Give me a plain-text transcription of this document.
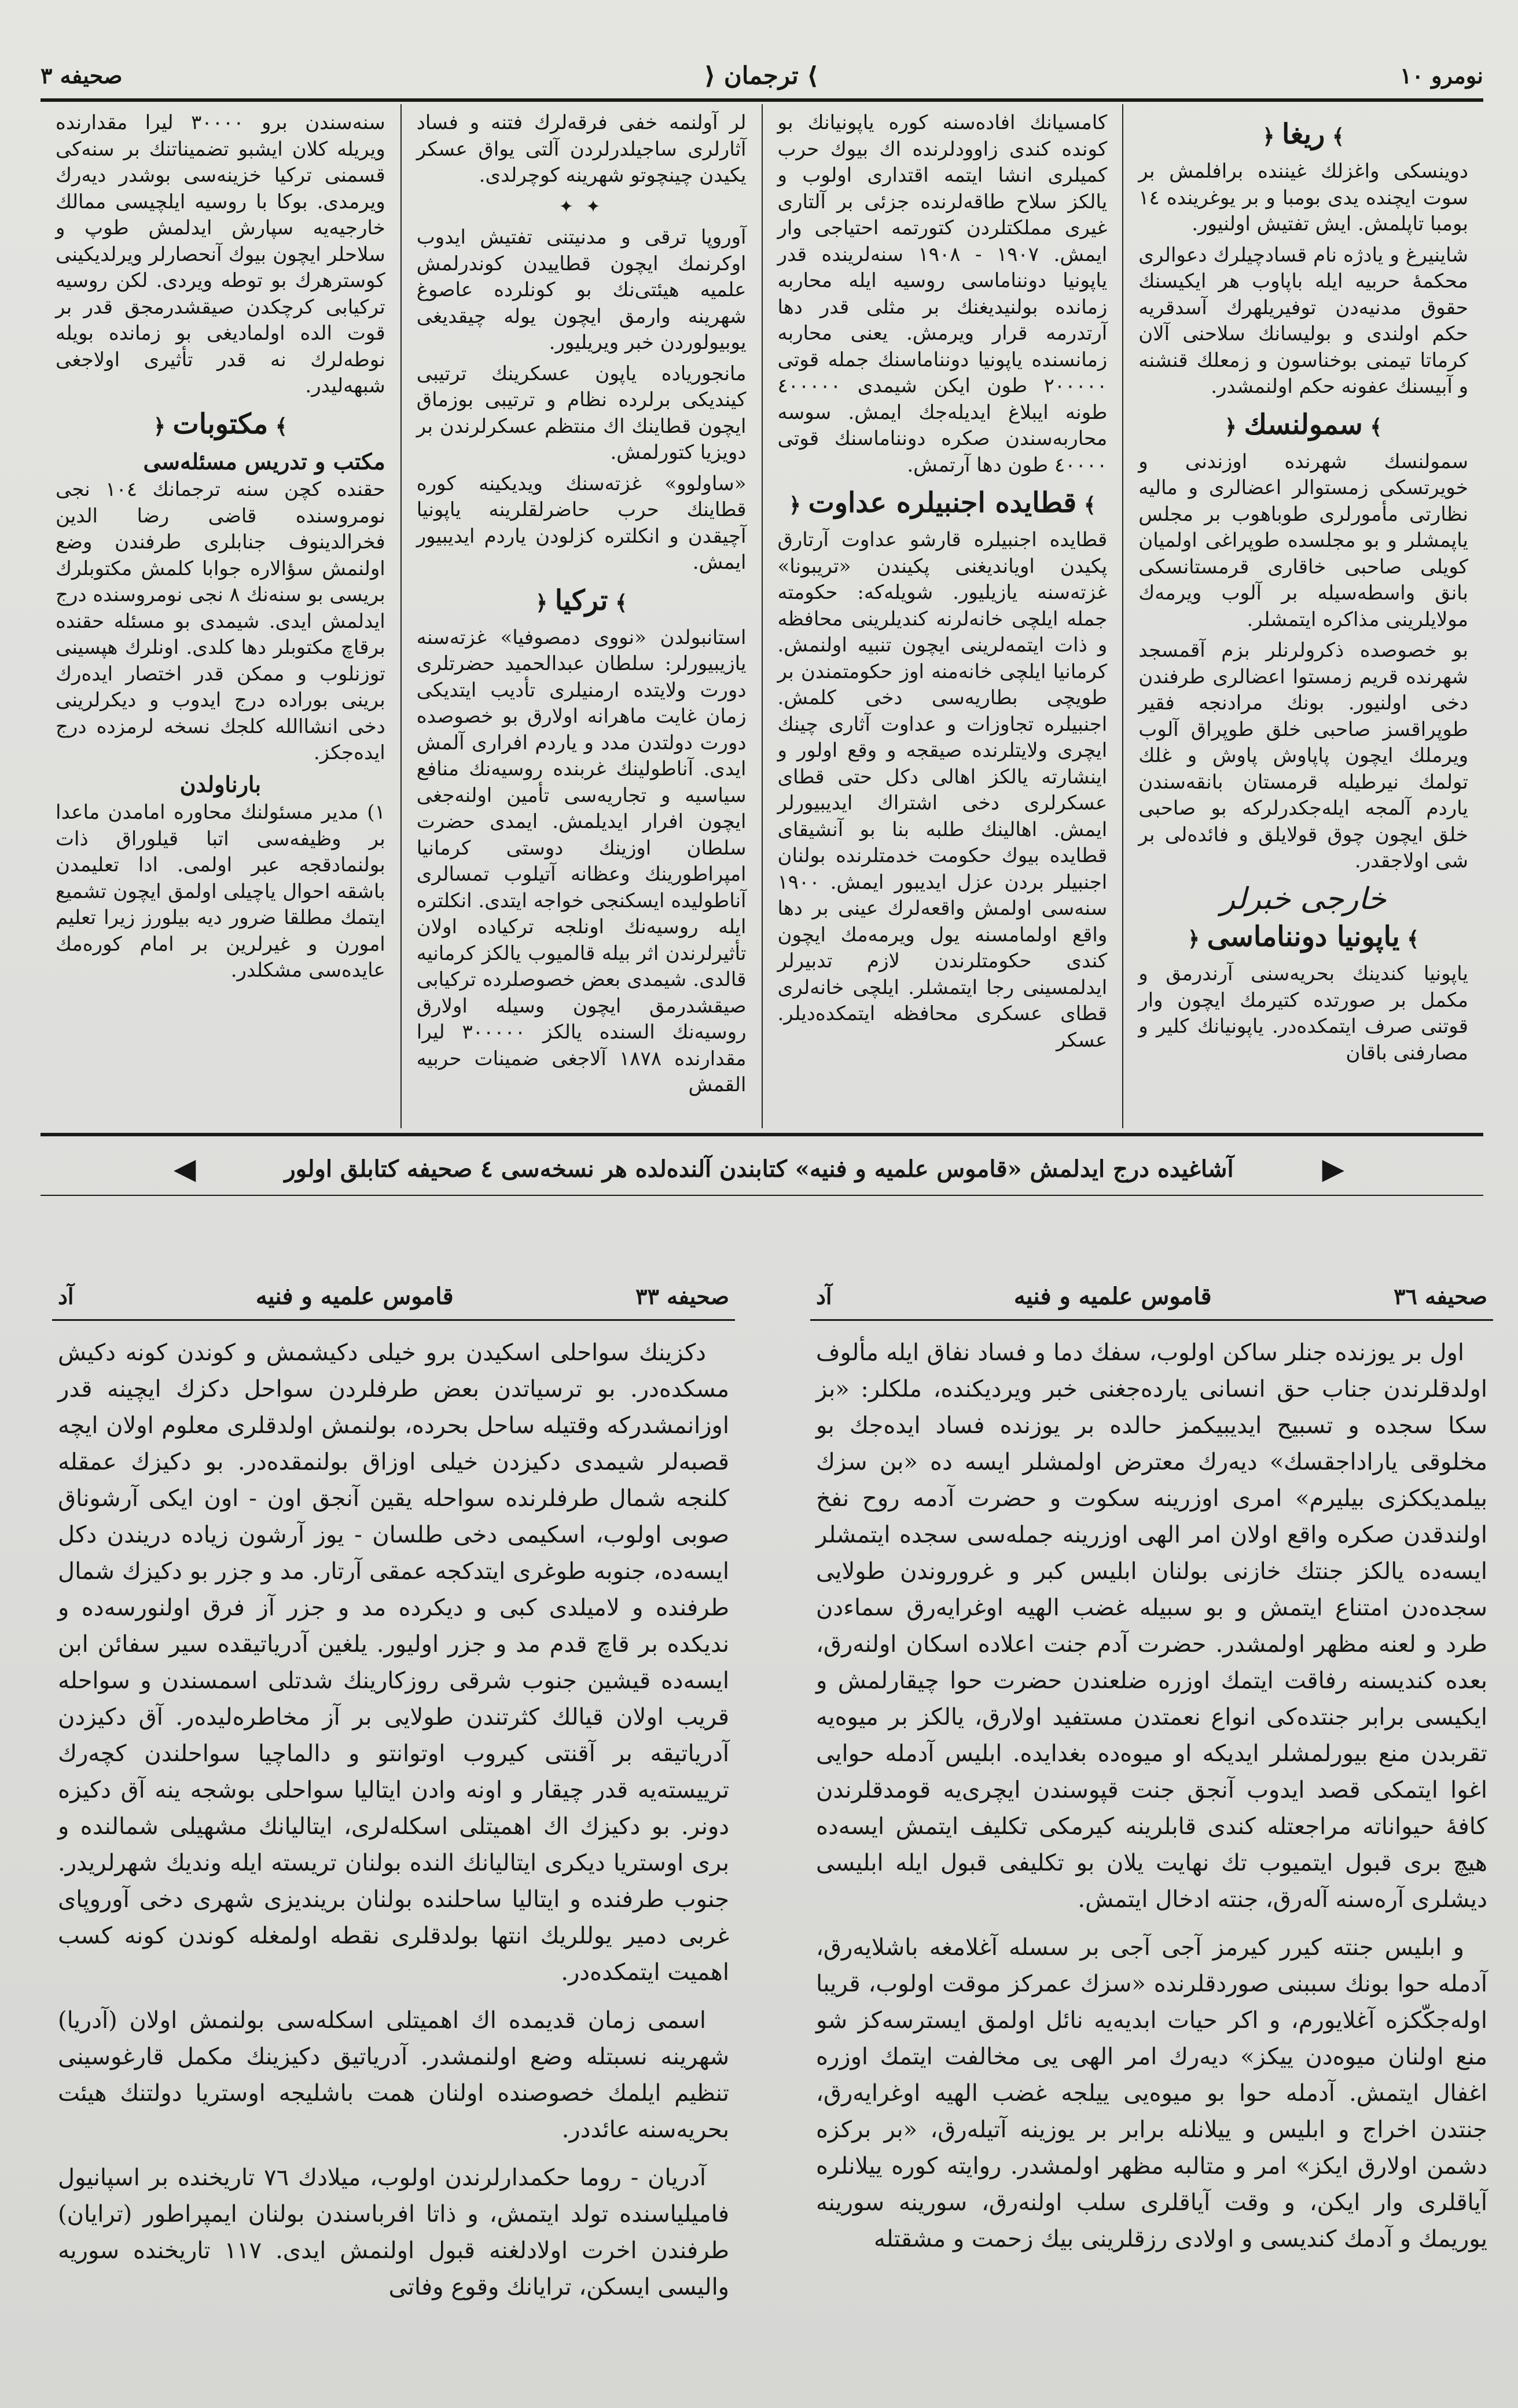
صحیفه ٣	⟩ ترجمان ⟨	نومرو ١٠
﴾ ریغا ﴿

دوینسکی واغزلك غیننده برافلمش بر سوت ایچنده یدی بومبا و بر یوغرینده ١٤ بومبا تاپلمش. ایش تفتیش اولنیور.

شاینیرغ و یادژه نام قسادچیلرك دعوالری محکمهٔ حربیه ایله باپاوب هر ایکیسنك حقوق مدنیه‌دن توفیریلهرك آسدقریه حکم اولندی و بولیسانك سلاحنی آلان کرماتا تیمنی بوخناسون و زمعلك قنشنه و آبیسنك عفونه حکم اولنمشدر.

﴾ سمولنسك ﴿

سمولنسك شهرنده اوزندنی و خویرتسکی زمستوالر اعضالری و مالیه نظارتی مأمورلری طوباهوب بر مجلس یاپمشلر و بو مجلسده طوپراغی اولمیان کویلی صاحبی خاقاری قرمستانسکی بانق واسطه‌سیله بر آلوب ویرمه‌ك مولایلرینی مذاکره ایتمشلر.

بو خصوصده ذکرولرنلر بزم آقمسجد شهرنده قریم زمستوا اعضالری طرفندن دخی اولنیور. بونك مرادنجه فقیر طوپراقسز صاحبی خلق طوپراق آلوب ویرملك ایچون پاپاوش پاوش و غلك تولمك نیرطیله قرمستان بانقه‌سندن یاردم آلمجه ایله‌جکدرلرکه بو صاحبی خلق ایچون چوق قولایلق و فائده‌لی بر شی اولاجقدر.

خارجی خبرلر
﴾ یاپونیا دونناماسی ﴿

یاپونیا کندینك بحریه‌سنی آرندرمق و مکمل بر صورتده کتیرمك ایچون وار قوتنی صرف ایتمکده‌در. یاپونیانك کلیر و مصارفنی باقان

کامسیانك افاده‌سنه کوره یاپونیانك بو کونده کندی زاوودلرنده اك بیوك حرب کمیلری انشا ایتمه اقتداری اولوب و یالکز سلاح طاقه‌لرنده جزئی بر آلتاری غیری مملکتلردن کتورتمه احتیاجی وار ایمش. ١٩٠٧ - ١٩٠٨ سنه‌لرینده قدر یاپونیا دونناماسی روسیه ایله محاربه زمانده بولنیدیغنك بر مثلی قدر دها آرتدرمه قرار ویرمش. یعنی محاربه زمانسنده یاپونیا دونناماسنك جمله قوتی ٢٠٠٠٠٠ طون ایکن شیمدی ٤٠٠٠٠٠ طونه ایبلاغ ایدیله‌جك ایمش. سوسه محاربه‌سندن صکره دونناماسنك قوتی ٤٠٠٠٠ طون دها آرتمش.

﴾ قطایده اجنبیلره عداوت ﴿

قطایده اجنبیلره قارشو عداوت آرتارق پکیدن اویاندیغنی پکیندن «تریبونا» غزته‌سنه یازیلیور. شویله‌که: حکومته جمله ایلچی خانه‌لرنه کندیلرینی محافظه و ذات ایتمه‌لرینی ایچون تنبیه اولنمش. کرمانیا ایلچی خانه‌منه اوز حکومتمندن بر طویچی بطاریه‌سی دخی کلمش. اجنبیلره تجاوزات و عداوت آثاری چینك ایچری ولایتلرنده صیقجه و وقع اولور و اینشارته یالکز اهالی دکل حتی قطای عسکرلری دخی اشتراك ایدیبیورلر ایمش. اهالینك طلبه بنا بو آنشیقای قطایده بیوك حکومت خدمتلرنده بولنان اجنبیلر بردن عزل ایدیبور ایمش. ١٩٠٠ سنه‌سی اولمش واقعه‌لرك عینی بر دها واقع اولمامسنه یول ویرمه‌مك ایچون کندی حکومتلرندن لازم تدبیرلر ایدلمسینی رجا ایتمشلر. ایلچی خانه‌لری قطای عسکری محافظه ایتمکده‌دیلر. عسکر

لر آولنمه خفی فرقه‌لرك فتنه و فساد آثارلری ساجیلدرلردن آلتی یواق عسکر یکیدن چینچوتو شهرینه کوچرلدی.

✦ ✦

آوروپا ترقی و مدنیتنی تفتیش ایدوب اوکرنمك ایچون قطاییدن کوندرلمش علمیه هیئتی‌نك بو کونلرده عاصوغ شهرینه وارمق ایچون یوله چیقدیغی یوبیولوردن خبر ویریلیور.

مانجوریاده یاپون عسکرینك ترتیبی کیندیکی برلرده نظام و ترتیبی بوزماق ایچون قطاینك اك منتظم عسکرلرندن بر دویزیا کتورلمش.

«ساولوو» غزته‌سنك ویدیکینه کوره قطاینك حرب حاضرلقلرینه یاپونیا آچیقدن و انکلتره کزلودن یاردم ایدیبیور ایمش.

﴾ ترکیا ﴿

استانبولدن «نووی دمصوفیا» غزته‌سنه یازیبیورلر: سلطان عبدالحمید حضرتلری دورت ولایتده ارمنیلری تأدیب ایتدیکی زمان غایت ماهرانه اولارق بو خصوصده دورت دولتدن مدد و یاردم افراری آلمش ایدی. آناطولینك غربنده روسیه‌نك منافع سیاسیه و تجاریه‌سی تأمین اولنه‌جغی ایچون افرار ایدیلمش. ایمدی حضرت سلطان اوزینك دوستی کرمانیا امپراطورینك وعظانه آتیلوب تمسالری آناطولیده ایسکنجی خواجه ایتدی. انکلتره ایله روسیه‌نك اونلجه ترکیاده اولان تأثیرلرندن اثر بیله قالمیوب یالکز کرمانیه قالدی. شیمدی بعض خصوصلرده ترکیابی صیقشدرمق ایچون وسیله اولارق روسیه‌نك السنده یالکز ٣٠٠٠٠٠ لیرا مقدارنده ١٨٧٨ آلاجغی ضمینات حربیه القمش

سنه‌سندن برو ٣٠٠٠٠ لیرا مقدارنده ویریله کلان ایشبو تضمیناتنك بر سنه‌کی قسمنی ترکیا خزینه‌سی بوشدر دیه‌رك ویرمدی. بوکا با روسیه ایلچیسی ممالك خارجیه‌یه سپارش ایدلمش طوپ و سلاحلر ایچون بیوك آنحصارلر ویرلدیکینی کوسترهرك بو توطه ویردی. لکن روسیه ترکیابی کرچکدن صیقشدرمجق قدر بر قوت الده اولمادیغی بو زمانده بویله نوطه‌لرك نه قدر تأثیری اولاجغی شبهه‌لیدر.

﴾ مکتوبات ﴿
مکتب و تدریس مسئله‌سی

حقنده کچن سنه ترجمانك ١٠٤ نجی نومروسنده قاضی رضا الدین فخرالدینوف جنابلری طرفندن وضع اولنمش سؤالاره جوابا کلمش مکتوبلرك بریسی بو سنه‌نك ٨ نجی نومروسنده درج ایدلمش ایدی. شیمدی بو مسئله حقنده برقاچ مکتوبلر دها کلدی. اونلرك هپسینی توزنلوب و ممکن قدر اختصار ایده‌رك برینی بوراده درج ایدوب و دیکرلرینی دخی انشاالله کلجك نسخه لرمزده درج ایده‌جکز.

بارناولدن

١) مدیر مسئولنك محاوره امامدن ماعدا بر وظیفه‌سی اتبا قیلوراق ذات بولنمادقجه عبر اولمی. ادا تعلیمدن باشقه احوال یاچیلی اولمق ایچون تشمیع ایتمك مطلقا ضرور دیه بیلورز زیرا تعلیم امورن و غیرلرین بر امام کوره‌مك عایده‌سی مشکلدر.

◀	آشاغیده درج ایدلمش «قاموس علمیه و فنیه» کتابندن آلنده‌لده هر نسخه‌سی ٤ صحیفه کتابلق اولور	▶
صحیفه ٣٦
قاموس علمیه و فنیه
آد

اول بر یوزنده جنلر ساکن اولوب، سفك دما و فساد نفاق ایله مألوف اولدقلرندن جناب حق انسانی یارده‌جغنی خبر ویردیکنده، ملکلر: «بز سکا سجده و تسبیح ایدیبیکمز حالده بر یوزنده فساد ایده‌جك بو مخلوقی یاراداجقسك» دیه‌رك معترض اولمشلر ایسه ده «بن سزك بیلمدیککزی بیلیرم» امری اوزرینه سکوت و حضرت آدمه روح نفخ اولندقدن صکره واقع اولان امر الهی اوزرینه جمله‌سی سجده ایتمشلر ایسه‌ده یالکز جنتك خازنی بولنان ابلیس کبر و غروروندن طولایی سجده‌دن امتناع ایتمش و بو سبیله غضب الهیه اوغرایه‌رق سماءدن طرد و لعنه مظهر اولمشدر. حضرت آدم جنت اعلاده اسکان اولنه‌رق، بعده کندیسنه رفاقت ایتمك اوزره ضلعندن حضرت حوا چیقارلمش و ایکیسی برابر جنتده‌کی انواع نعمتدن مستفید اولارق، یالکز بر میوه‌یه تقربدن منع بیورلمشلر ایدیکه او میوه‌ده بغدایده. ابلیس آدمله حوایی اغوا ایتمکی قصد ایدوب آنجق جنت قپوسندن ایچری‌یه قومدقلرندن کافهٔ حیواناته مراجعتله کندی قابلرینه کیرمکی تکلیف ایتمش ایسه‌ده هیچ بری قبول ایتمیوب تك نهایت یلان بو تکلیفی قبول ایله ابلیسی دیشلری آره‌سنه آله‌رق، جنته ادخال ایتمش.

و ابلیس جنته کیرر کیرمز آجی آجی بر سسله آغلامغه باشلایه‌رق، آدمله حوا بونك سببنی صوردقلرنده «سزك عمرکز موقت اولوب، قریبا اوله‌جکّکزه آغلایورم، و اکر حیات ابدیه‌یه نائل اولمق ایسترسه‌کز شو منع اولنان میوه‌دن ییکز» دیه‌رك امر الهی یی مخالفت ایتمك اوزره اغفال ایتمش. آدمله حوا بو میوه‌یی ییلجه غضب الهیه اوغرایه‌رق، جنتدن اخراج و ابلیس و ییلانله برابر بر یوزینه آتیله‌رق، «بر برکزه دشمن اولارق ایکز» امر و متالبه مظهر اولمشدر. روایته کوره ییلانلره آیاقلری وار ایکن، و وقت آیاقلری سلب اولنه‌رق، سورینه سورینه یوریمك و آدمك کندیسی و اولادی رزقلرینی بیك زحمت و مشقتله

صحیفه ٣٣
قاموس علمیه و فنیه
آد

دکزینك سواحلی اسکیدن برو خیلی دکیشمش و کوندن کونه دکیش مسکده‌در. بو ترسیاتدن بعض طرفلردن سواحل دکزك ایچینه قدر اوزانمشدرکه وقتیله ساحل بحرده، بولنمش اولدقلری معلوم اولان ایچه قصبه‌لر شیمدی دکیزدن خیلی اوزاق بولنمقده‌در. بو دکیزك عمقله کلنجه شمال طرفلرنده سواحله یقین آنجق اون - اون ایکی آرشوناق صوبی اولوب، اسکیمی دخی طلسان - یوز آرشون زیاده دریندن دکل ایسه‌ده، جنوبه طوغری ایتدکجه عمقی آرتار. مد و جزر بو دکیزك شمال طرفنده و لامیلدی کبی و دیکرده مد و جزر آز فرق اولنورسه‌ده و ندیکده بر قاچ قدم مد و جزر اولیور. یلغین آدریاتیقده سیر سفائن ابن ایسه‌ده قیشین جنوب شرقی روزکارینك شدتلی اسمسندن و سواحله قریب اولان قیالك کثرتندن طولایی بر آز مخاطره‌لیده‌ر. آق دکیزدن آدریاتیقه بر آقنتی کیروب اوتوانتو و دالماچیا سواحلندن کچه‌رك ترییسته‌یه قدر چیقار و اونه وادن ایتالیا سواحلی بوشجه ینه آق دکیزه دونر. بو دکیزك اك اهمیتلی اسکله‌لری، ایتالیانك مشهیلی شمالنده و بری اوستریا دیکری ایتالیانك النده بولنان تریسته ایله وندیك شهرلریدر. جنوب طرفنده و ایتالیا ساحلنده بولنان بریندیزی شهری دخی آوروپای غربی دمیر یوللریك انتها بولدقلری نقطه اولمغله کوندن کونه کسب اهمیت ایتمکده‌در.

اسمی زمان قدیمده اك اهمیتلی اسکله‌سی بولنمش اولان (آدریا) شهرینه نسبتله وضع اولنمشدر. آدریاتیق دکیزینك مکمل قارغوسینی تنظیم ایلمك خصوصنده اولنان همت باشلیجه اوستریا دولتنك هیئت بحریه‌سنه عائددر.

آدریان - روما حکمدارلرندن اولوب، میلادك ٧٦ تاریخنده بر اسپانیول فامیلیاسنده تولد ایتمش، و ذاتا افرباسندن بولنان ایمپراطور (ترایان) طرفندن اخرت اولادلغنه قبول اولنمش ایدی. ١١٧ تاریخنده سوریه والیسی ایسکن، ترایانك وقوع وفاتی
